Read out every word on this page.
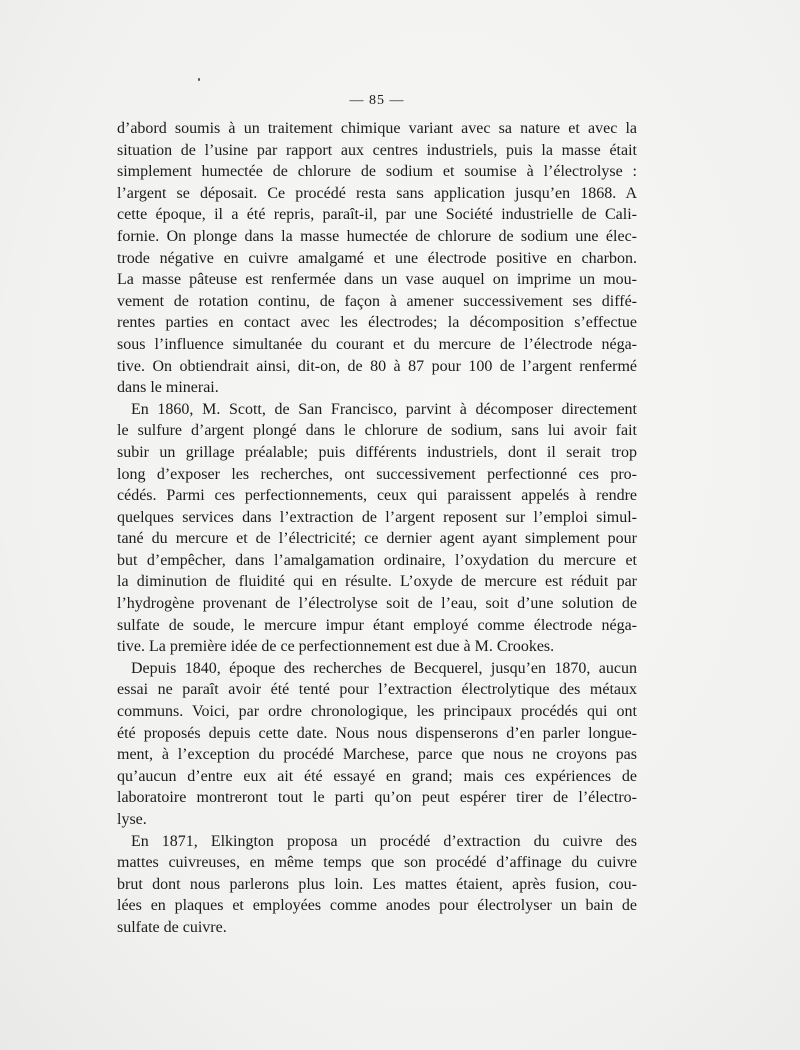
— 85 —
d’abord soumis à un traitement chimique variant avec sa nature et avec la
situation de l’usine par rapport aux centres industriels, puis la masse était
simplement humectée de chlorure de sodium et soumise à l’électrolyse :
l’argent se déposait. Ce procédé resta sans application jusqu’en 1868. A
cette époque, il a été repris, paraît-il, par une Société industrielle de Cali-
fornie. On plonge dans la masse humectée de chlorure de sodium une élec-
trode négative en cuivre amalgamé et une électrode positive en charbon.
La masse pâteuse est renfermée dans un vase auquel on imprime un mou-
vement de rotation continu, de façon à amener successivement ses diffé-
rentes parties en contact avec les électrodes; la décomposition s’effectue
sous l’influence simultanée du courant et du mercure de l’électrode néga-
tive. On obtiendrait ainsi, dit-on, de 80 à 87 pour 100 de l’argent renfermé
dans le minerai.
En 1860, M. Scott, de San Francisco, parvint à décomposer directement
le sulfure d’argent plongé dans le chlorure de sodium, sans lui avoir fait
subir un grillage préalable; puis différents industriels, dont il serait trop
long d’exposer les recherches, ont successivement perfectionné ces pro-
cédés. Parmi ces perfectionnements, ceux qui paraissent appelés à rendre
quelques services dans l’extraction de l’argent reposent sur l’emploi simul-
tané du mercure et de l’électricité; ce dernier agent ayant simplement pour
but d’empêcher, dans l’amalgamation ordinaire, l’oxydation du mercure et
la diminution de fluidité qui en résulte. L’oxyde de mercure est réduit par
l’hydrogène provenant de l’électrolyse soit de l’eau, soit d’une solution de
sulfate de soude, le mercure impur étant employé comme électrode néga-
tive. La première idée de ce perfectionnement est due à M. Crookes.
Depuis 1840, époque des recherches de Becquerel, jusqu’en 1870, aucun
essai ne paraît avoir été tenté pour l’extraction électrolytique des métaux
communs. Voici, par ordre chronologique, les principaux procédés qui ont
été proposés depuis cette date. Nous nous dispenserons d’en parler longue-
ment, à l’exception du procédé Marchese, parce que nous ne croyons pas
qu’aucun d’entre eux ait été essayé en grand; mais ces expériences de
laboratoire montreront tout le parti qu’on peut espérer tirer de l’électro-
lyse.
En 1871, Elkington proposa un procédé d’extraction du cuivre des
mattes cuivreuses, en même temps que son procédé d’affinage du cuivre
brut dont nous parlerons plus loin. Les mattes étaient, après fusion, cou-
lées en plaques et employées comme anodes pour électrolyser un bain de
sulfate de cuivre.
